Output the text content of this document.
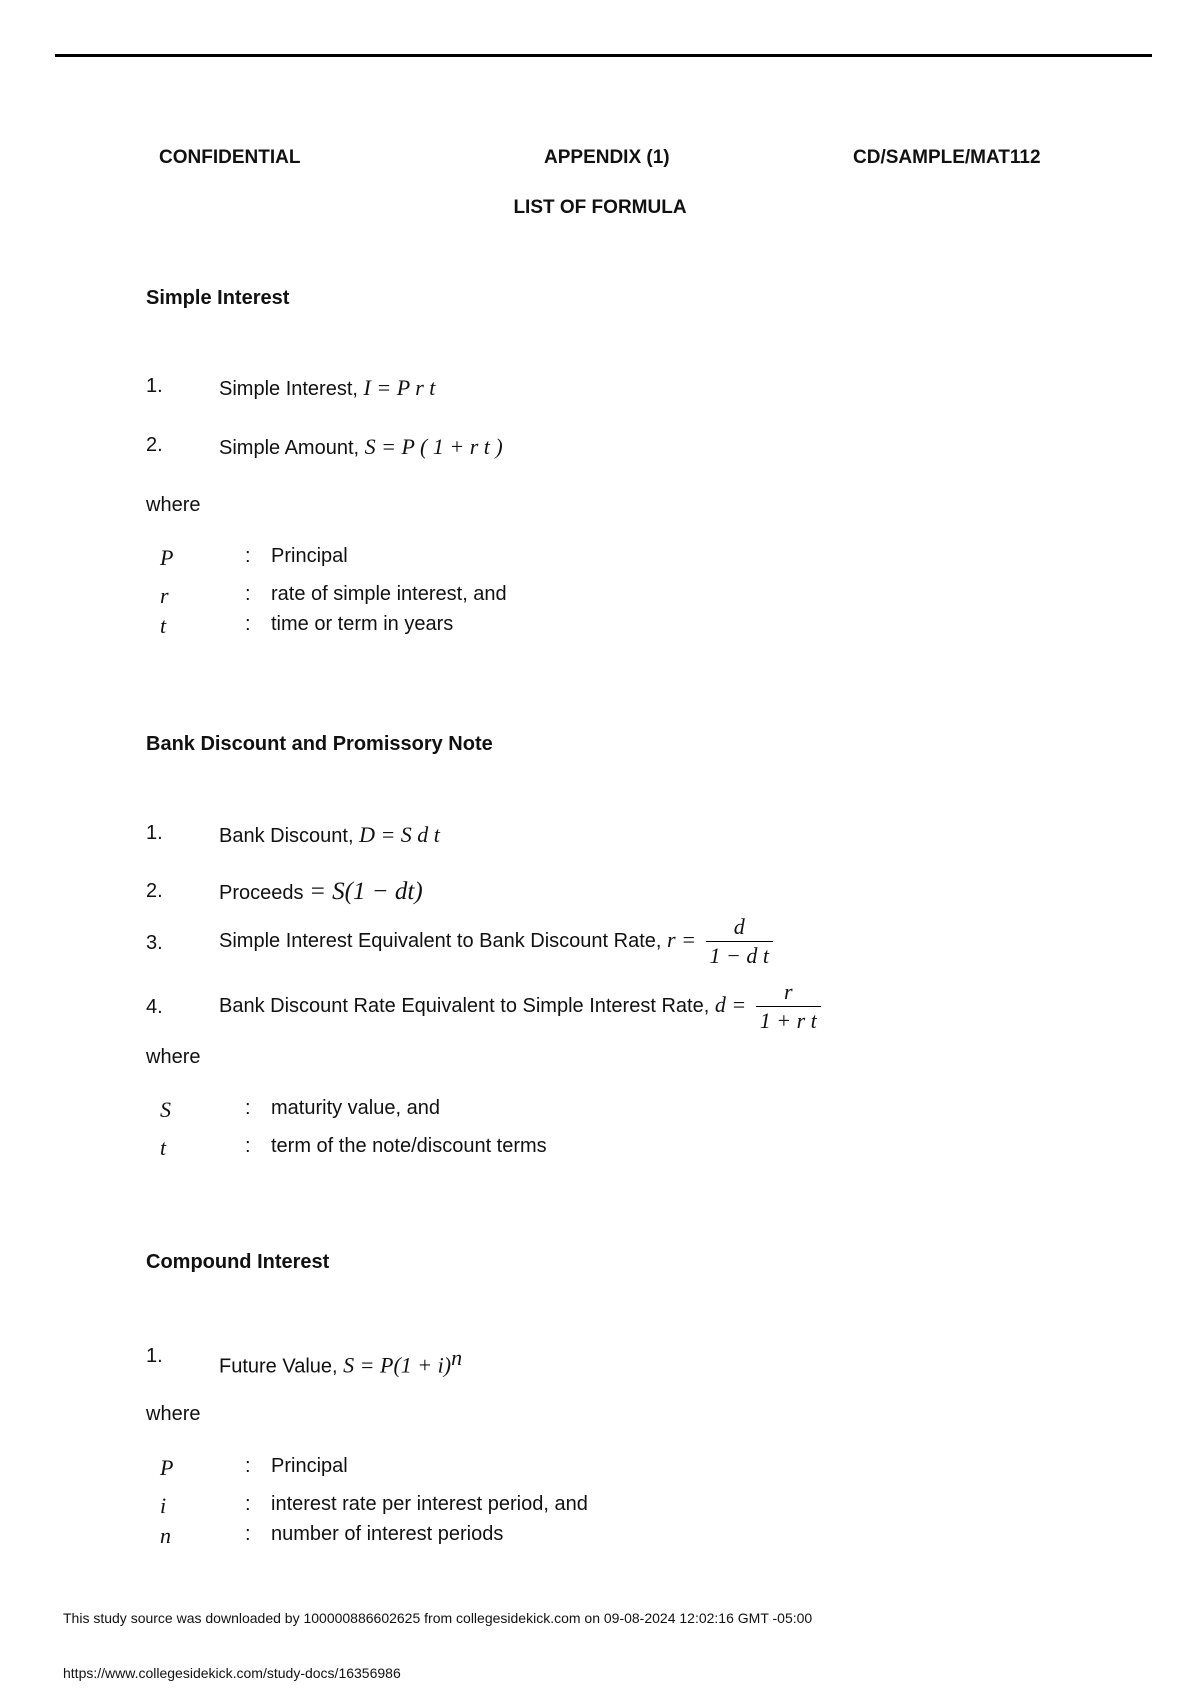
CONFIDENTIAL	APPENDIX (1)	CD/SAMPLE/MAT112
LIST OF FORMULA
Simple Interest
1.	Simple Interest, I = P r t
2.	Simple Amount, S = P ( 1 + r t )
where
P	: Principal
r	: rate of simple interest, and
t	: time or term in years
Bank Discount and Promissory Note
1.	Bank Discount, D = S d t
2.	Proceeds = S(1 − dt)
3.	Simple Interest Equivalent to Bank Discount Rate, $r = \frac{d}{\text{1 − d t}}$
4.	Bank Discount Rate Equivalent to Simple Interest Rate, $d = \frac{r}{\text{1 + r t}}$
where
S	: maturity value, and
t	: term of the note/discount terms
Compound Interest
1.	Future Value, $S = P(1 + i)^n$
where
P	: Principal
i	: interest rate per interest period, and
n	: number of interest periods
This study source was downloaded by 100000886602625 from collegesidekick.com on 09-08-2024 12:02:16 GMT -05:00
https://www.collegesidekick.com/study-docs/16356986
